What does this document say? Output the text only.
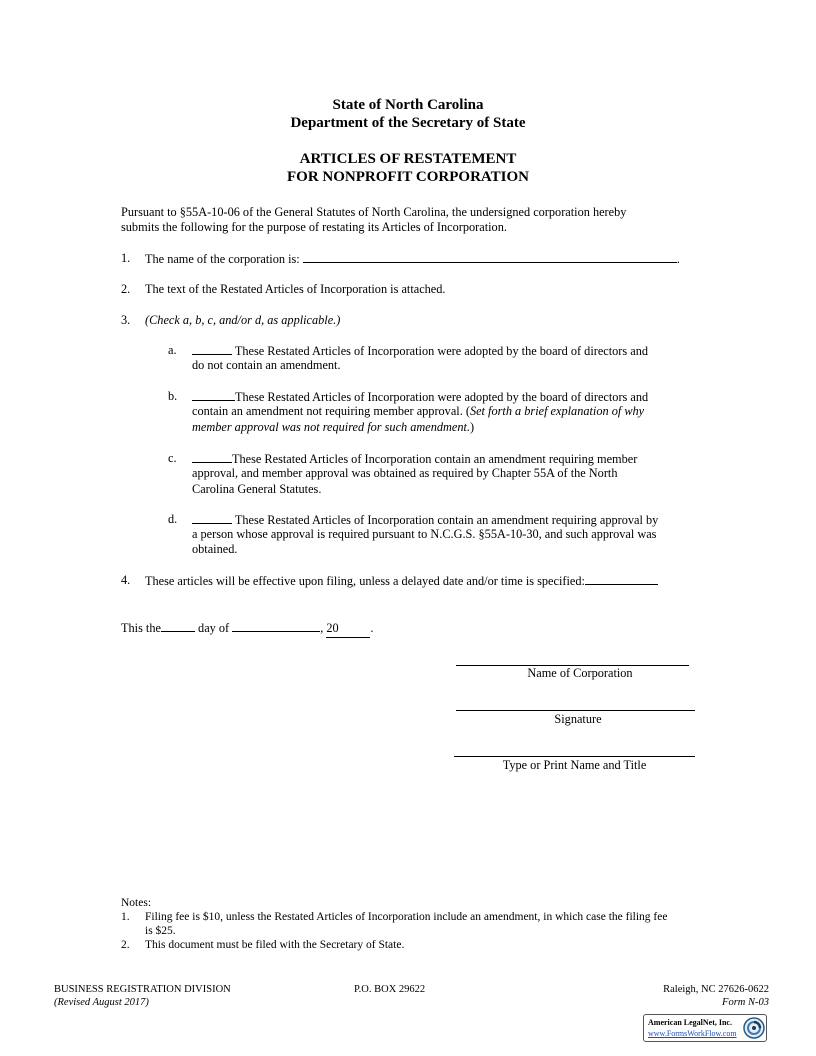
State of North Carolina
Department of the Secretary of State
ARTICLES OF RESTATEMENT
FOR NONPROFIT CORPORATION
Pursuant to §55A-10-06 of the General Statutes of North Carolina, the undersigned corporation hereby
submits the following for the purpose of restating its Articles of Incorporation.
1. The name of the corporation is:	.
2. The text of the Restated Articles of Incorporation is attached.
3. (Check a, b, c, and/or d, as applicable.)
a.	These Restated Articles of Incorporation were adopted by the board of directors and
do not contain an amendment.
b.	These Restated Articles of Incorporation were adopted by the board of directors and
contain an amendment not requiring member approval. (Set forth a brief explanation of why
member approval was not required for such amendment.)
c.	These Restated Articles of Incorporation contain an amendment requiring member
approval, and member approval was obtained as required by Chapter 55A of the North
Carolina General Statutes.
d.	These Restated Articles of Incorporation contain an amendment requiring approval by
a person whose approval is required pursuant to N.C.G.S. §55A-10-30, and such approval was
obtained.
4. These articles will be effective upon filing, unless a delayed date and/or time is specified:
This the	day of	, 20	.
Name of Corporation
Signature
Type or Print Name and Title
Notes:
1. Filing fee is $10, unless the Restated Articles of Incorporation include an amendment, in which case the filing fee
is $25.
2. This document must be filed with the Secretary of State.
BUSINESS REGISTRATION DIVISION
(Revised August 2017)
P.O. BOX 29622	Raleigh, NC 27626-0622
Form N-03
American LegalNet, Inc.
www.FormsWorkFlow.com
